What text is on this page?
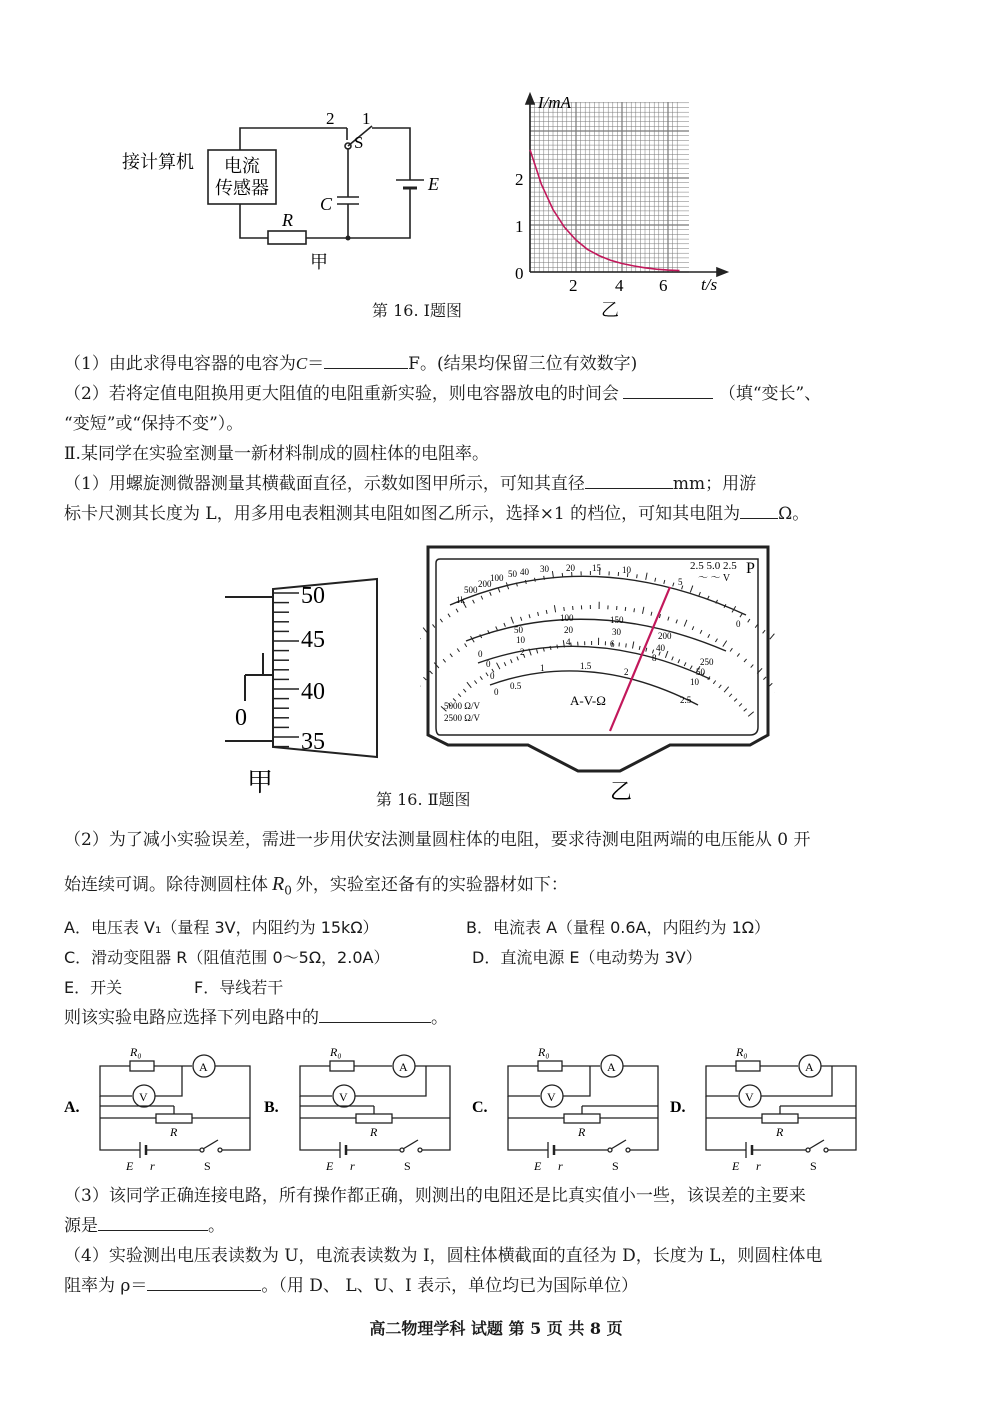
接计算机 电流
传感器
2 1
S
C
E
R
甲
I/mA
t/s
0
1
2
2 4 6
乙
第 16. Ⅰ题图
（1）由此求得电容器的电容为C＝	F。(结果均保留三位有效数字)
（2）若将定值电阻换用更大阻值的电阻重新实验，则电容器放电的时间会	（填“变长”、
“变短”或“保持不变”）。
Ⅱ.某同学在实验室测量一新材料制成的圆柱体的电阻率。
（1）用螺旋测微器测量其横截面直径，示数如图甲所示，可知其直径	mm；用游
标卡尺测其长度为 L，用多用电表粗测其电阻如图乙所示，选择×1 的档位，可知其电阻为 Ω。
50
45
40
35
0
甲
2.5 5.0 2.5
～ ～ V
P
1k
500
200
100 50 40 30 20 15 10
5
0
0
50
100	150
200
250
0
10
20	30
40
50
0
2
4	6
8
10
0
0.5
1	1.5
2
2.5
A-V-Ω
5000 Ω/V
2500 Ω/V
乙
第 16. Ⅱ题图
（2）为了减小实验误差，需进一步用伏安法测量圆柱体的电阻，要求待测电阻两端的电压能从 0 开
始连续可调。除待测圆柱体 $R_0$ 外，实验室还备有的实验器材如下：
A．电压表 V₁（量程 3V，内阻约为 15kΩ）	B．电流表 A（量程 0.6A，内阻约为 1Ω）
C．滑动变阻器 R（阻值范围 0～5Ω，2.0A）	D．直流电源 E（电动势为 3V）
E．开关	F．导线若干
则该实验电路应选择下列电路中的	。
A.
R₀
A
V
R
E r	S
B.
R₀
A
V
R
E r	S
C.
R₀
A
V
R
E r	S
D.
R₀
A
V
R
E r	S
（3）该同学正确连接电路，所有操作都正确，则测出的电阻还是比真实值小一些，该误差的主要来
源是	。
（4）实验测出电压表读数为 U，电流表读数为 I，圆柱体横截面的直径为 D，长度为 L，则圆柱体电
阻率为 ρ＝	。（用 D、 L、U、I 表示，单位均已为国际单位）
高二物理学科 试题 第 5 页 共 8 页
